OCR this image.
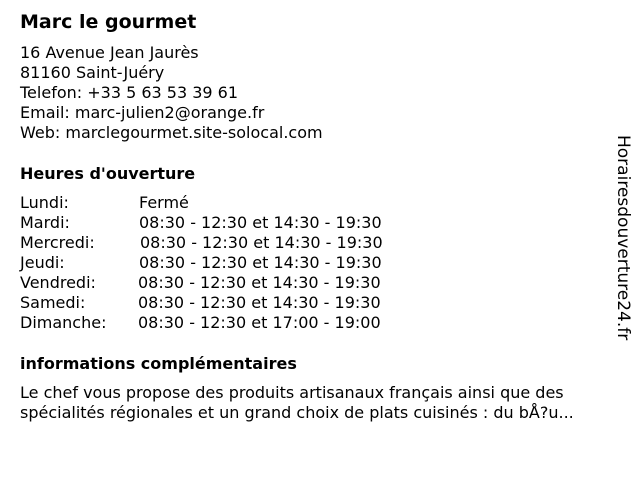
Marc le gourmet
16 Avenue Jean Jaurès
81160 Saint-Juéry
Telefon: +33 5 63 53 39 61
Email: marc-julien2@orange.fr
Web: marclegourmet.site-solocal.com
Heures d'ouverture
Lundi:	Fermé
Mardi:	08:30 - 12:30 et 14:30 - 19:30
Mercredi:	08:30 - 12:30 et 14:30 - 19:30
Jeudi:	08:30 - 12:30 et 14:30 - 19:30
Vendredi:	08:30 - 12:30 et 14:30 - 19:30
Samedi:	08:30 - 12:30 et 14:30 - 19:30
Dimanche: 08:30 - 12:30 et 17:00 - 19:00
informations complémentaires
Le chef vous propose des produits artisanaux français ainsi que des
spécialités régionales et un grand choix de plats cuisinés : du bÅ?u...
Horairesdouverture24.fr
